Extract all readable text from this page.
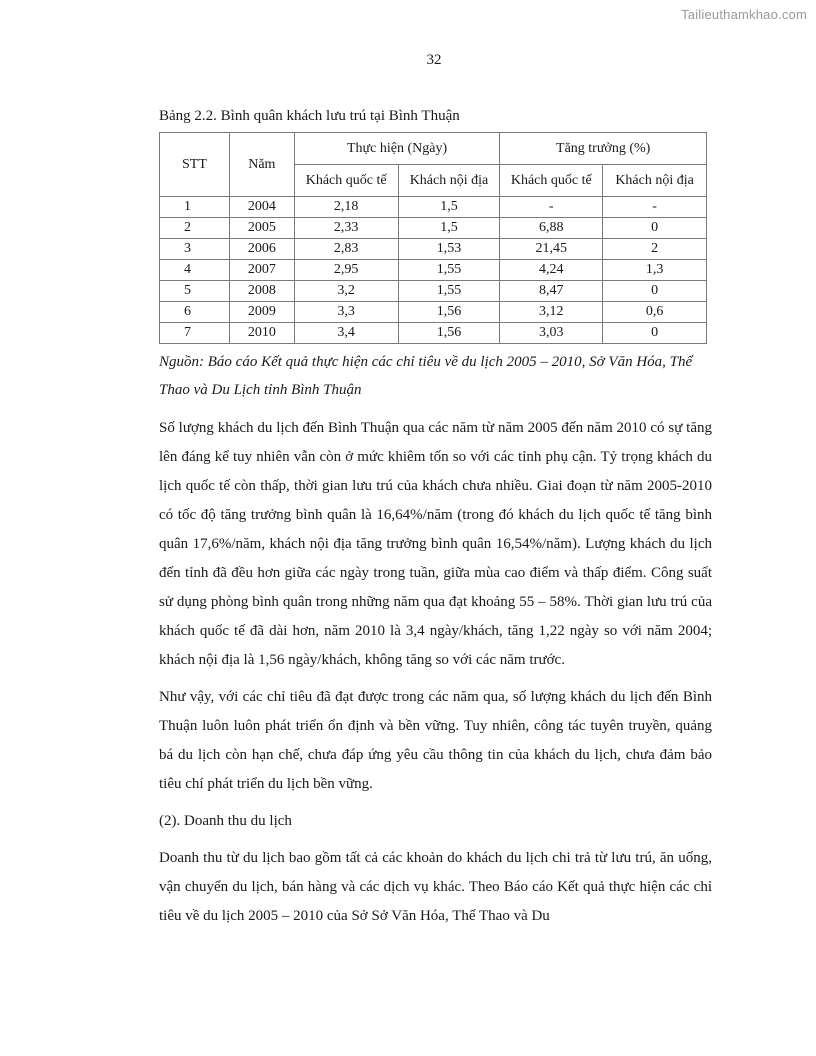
Tailieuthamkhao.com
32

Bảng 2.2. Bình quân khách lưu trú tại Bình Thuận

STT	Năm	Thực hiện (Ngày)		Tăng trưởng (%)	
		Khách quốc tế	Khách nội địa	Khách quốc tế	Khách nội địa
1	2004	2,18	1,5	-	-
2	2005	2,33	1,5	6,88	0
3	2006	2,83	1,53	21,45	2
4	2007	2,95	1,55	4,24	1,3
5	2008	3,2	1,55	8,47	0
6	2009	3,3	1,56	3,12	0,6
7	2010	3,4	1,56	3,03	0

Nguồn: Báo cáo Kết quả thực hiện các chỉ tiêu về du lịch 2005 – 2010, Sở Văn Hóa, Thể Thao và Du Lịch tỉnh Bình Thuận

Số lượng khách du lịch đến Bình Thuận qua các năm từ năm 2005 đến năm 2010 có sự tăng lên đáng kể tuy nhiên vẫn còn ở mức khiêm tốn so với các tỉnh phụ cận. Tỷ trọng khách du lịch quốc tế còn thấp, thời gian lưu trú của khách chưa nhiều. Giai đoạn từ năm 2005-2010 có tốc độ tăng trưởng bình quân là 16,64%/năm (trong đó khách du lịch quốc tế tăng bình quân 17,6%/năm, khách nội địa tăng trưởng bình quân 16,54%/năm). Lượng khách du lịch đến tỉnh đã đều hơn giữa các ngày trong tuần, giữa mùa cao điểm và thấp điểm. Công suất sử dụng phòng bình quân trong những năm qua đạt khoảng 55 – 58%. Thời gian lưu trú của khách quốc tế đã dài hơn, năm 2010 là 3,4 ngày/khách, tăng 1,22 ngày so với năm 2004; khách nội địa là 1,56 ngày/khách, không tăng so với các năm trước.

Như vậy, với các chỉ tiêu đã đạt được trong các năm qua, số lượng khách du lịch đến Bình Thuận luôn luôn phát triển ổn định và bền vững. Tuy nhiên, công tác tuyên truyền, quảng bá du lịch còn hạn chế, chưa đáp ứng yêu cầu thông tin của khách du lịch, chưa đảm bảo tiêu chí phát triển du lịch bền vững.

(2). Doanh thu du lịch

Doanh thu từ du lịch bao gồm tất cả các khoản do khách du lịch chi trả từ lưu trú, ăn uống, vận chuyển du lịch, bán hàng và các dịch vụ khác. Theo Báo cáo Kết quả thực hiện các chỉ tiêu về du lịch 2005 – 2010 của Sở Sở Văn Hóa, Thể Thao và Du
